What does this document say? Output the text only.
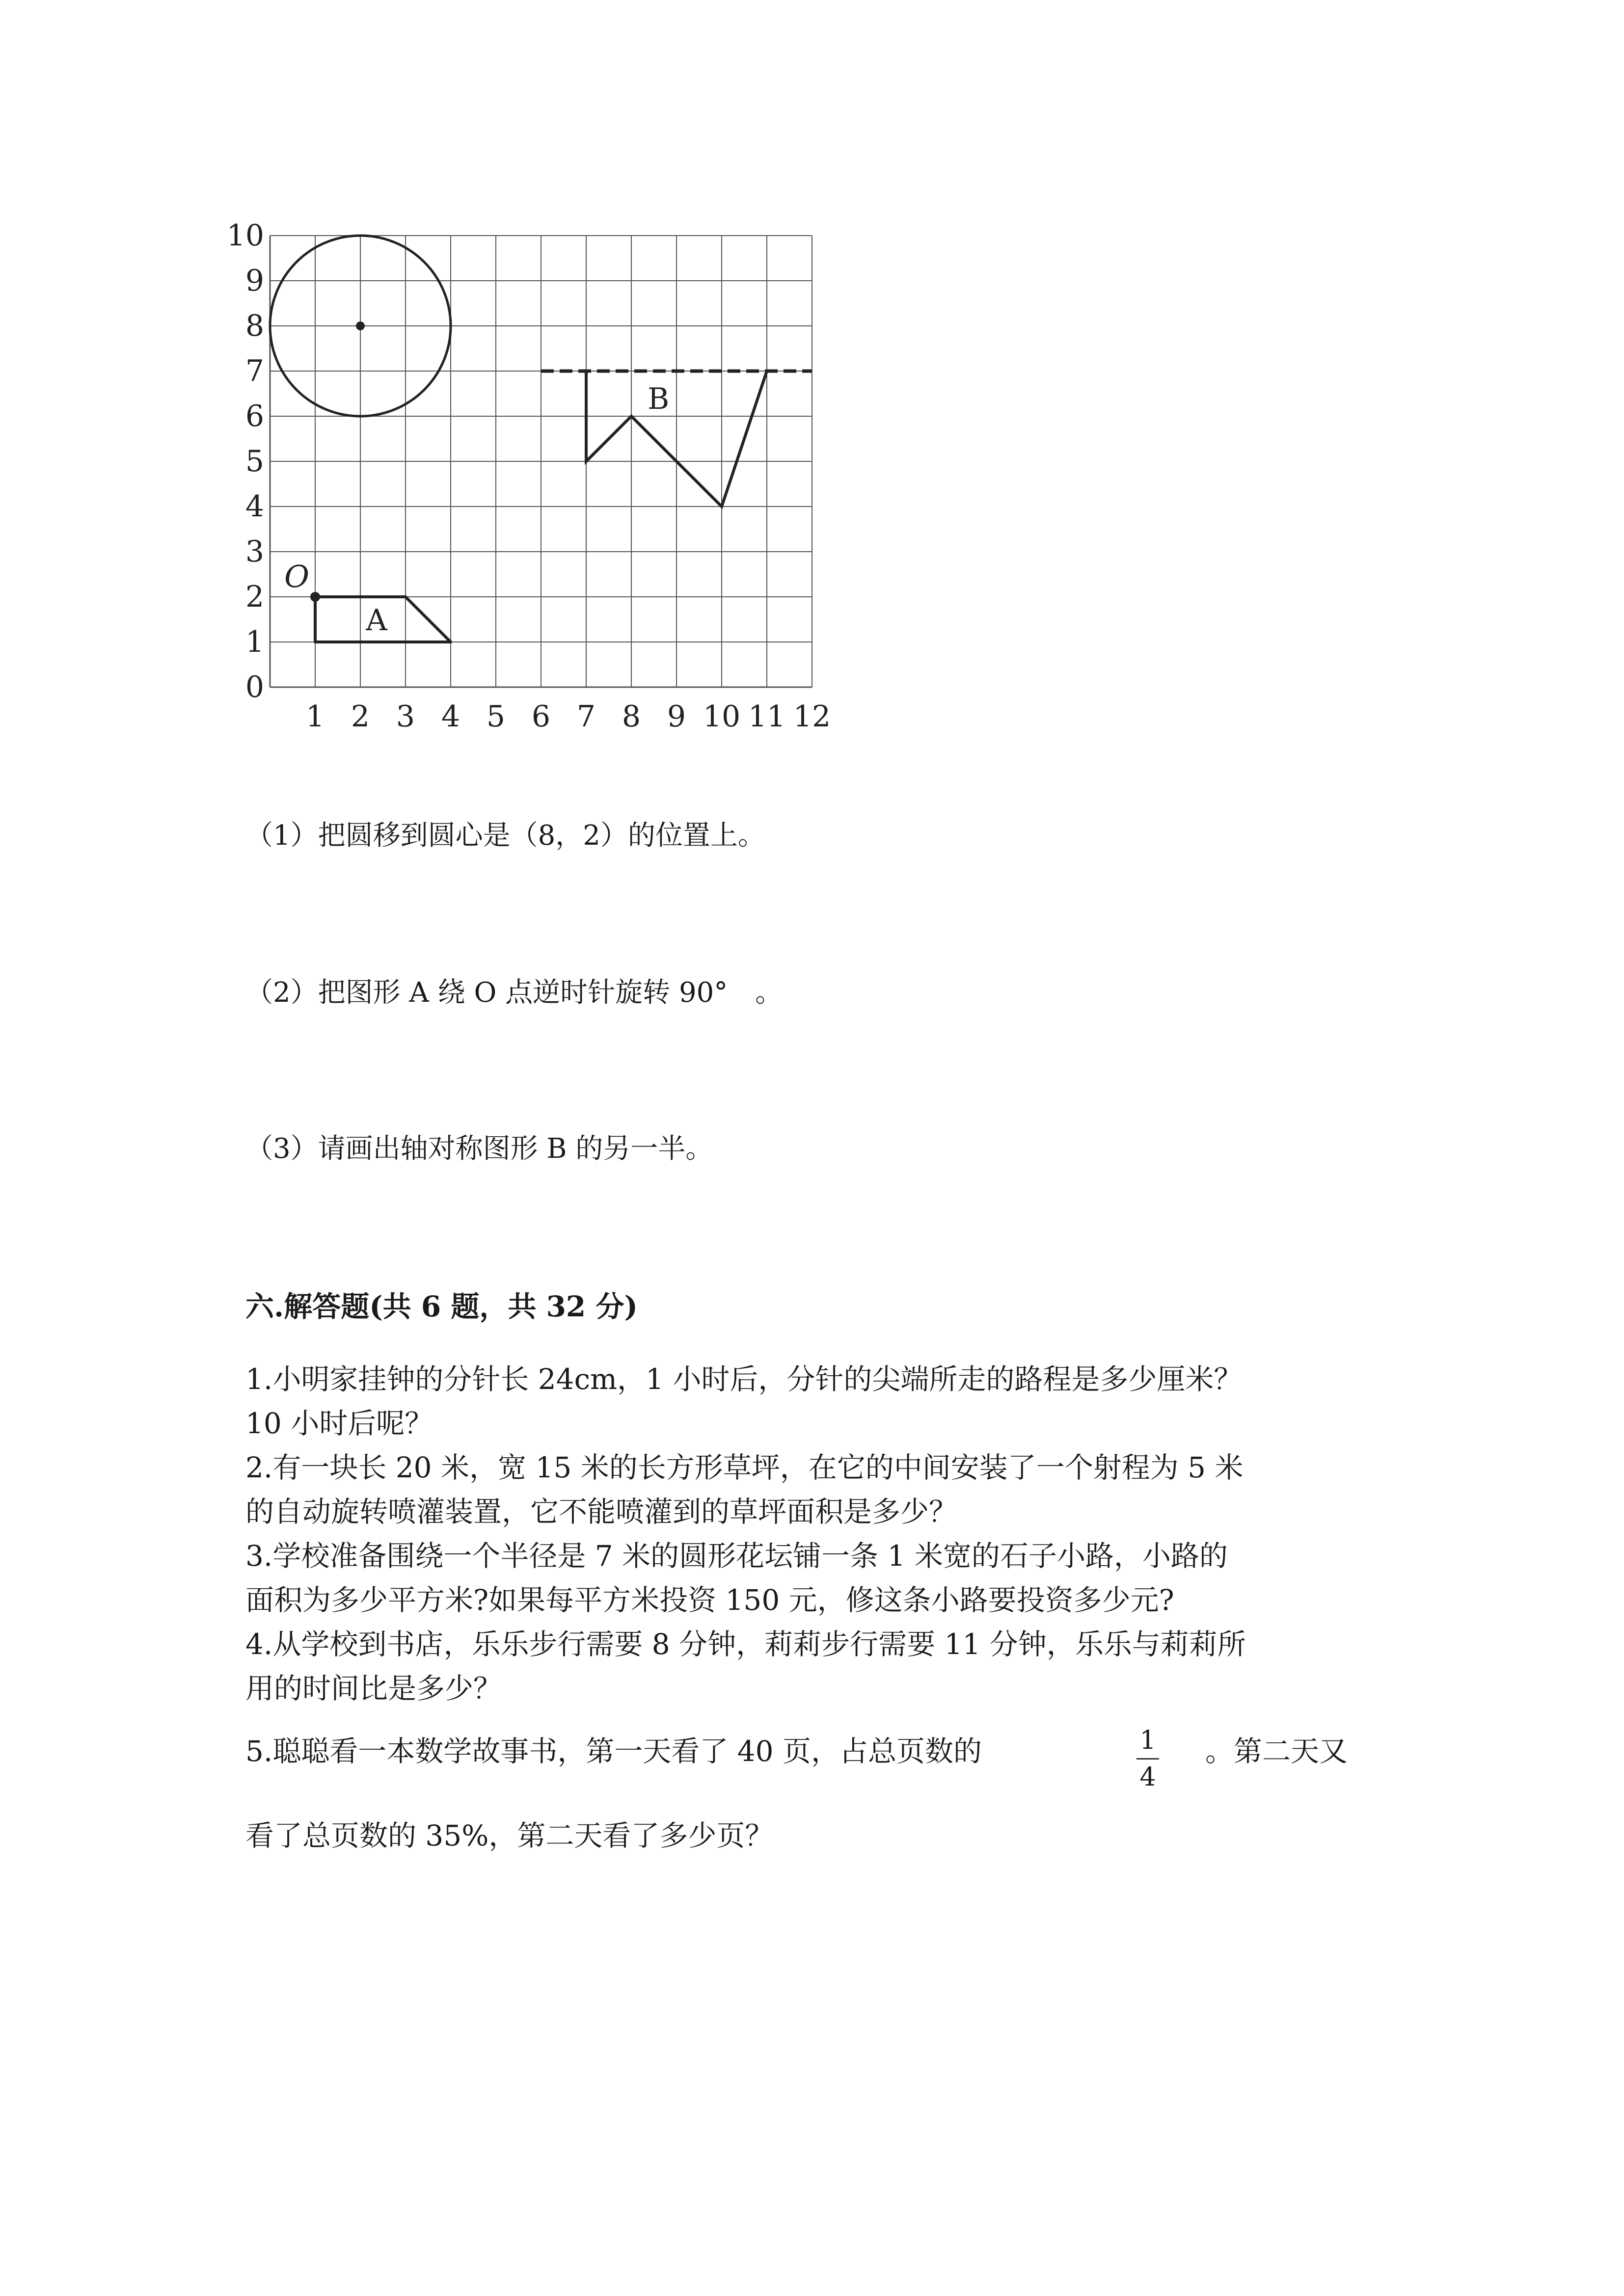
1 2 3 4 5 6 7 8 9 10 11 12
0
1
2
3
4
5
6
7
8
9
10
A
O
B
（1）把圆移到圆心是（8，2）的位置上。
（2）把图形 A 绕 O 点逆时针旋转 90°　。
（3）请画出轴对称图形 B 的另一半。
六.解答题(共 6 题，共 32 分)
1.小明家挂钟的分针长 24cm，1 小时后，分针的尖端所走的路程是多少厘米？
10 小时后呢？
2.有一块长 20 米，宽 15 米的长方形草坪，在它的中间安装了一个射程为 5 米
的自动旋转喷灌装置，它不能喷灌到的草坪面积是多少？
3.学校准备围绕一个半径是 7 米的圆形花坛铺一条 1 米宽的石子小路，小路的
面积为多少平方米?如果每平方米投资 150 元，修这条小路要投资多少元?
4.从学校到书店，乐乐步行需要 8 分钟，莉莉步行需要 11 分钟，乐乐与莉莉所
用的时间比是多少？
5.聪聪看一本数学故事书，第一天看了 40 页，占总页数的	1
4
。第二天又
看了总页数的 35%，第二天看了多少页？
